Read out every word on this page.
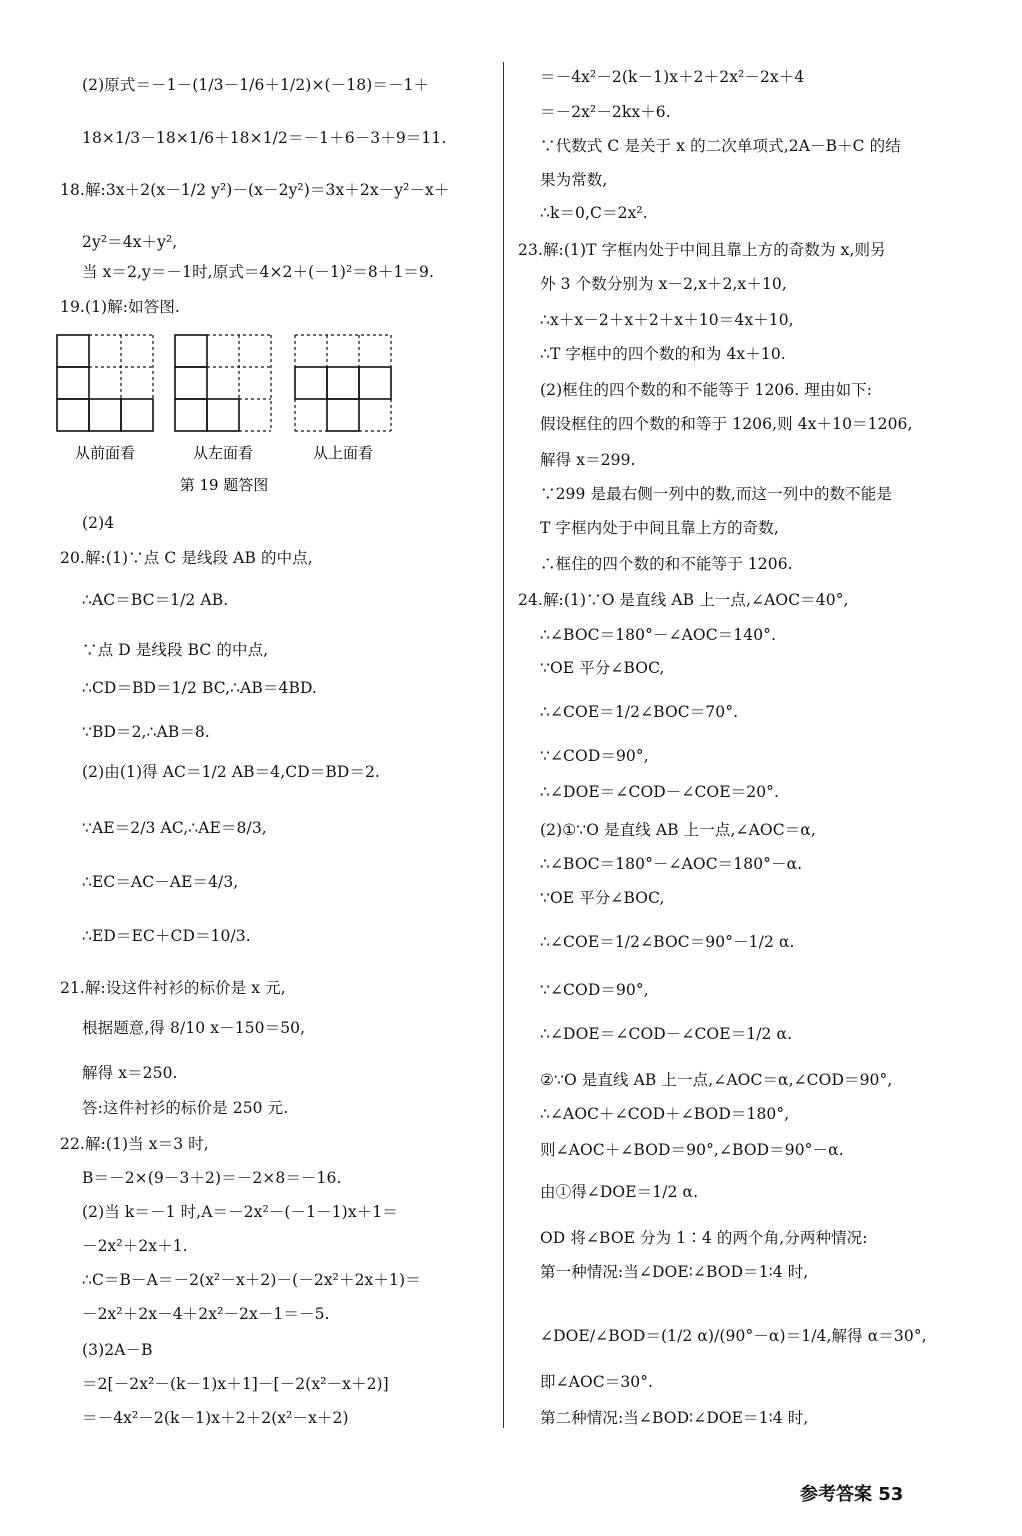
(2)原式＝－1－(1/3－1/6＋1/2)×(－18)＝－1＋
18×1/3－18×1/6＋18×1/2＝－1＋6－3＋9＝11.
18.解:3x＋2(x－1/2 y²)－(x－2y²)＝3x＋2x－y²－x＋
2y²＝4x＋y²,
当 x＝2,y＝－1时,原式＝4×2＋(－1)²＝8＋1＝9.
19.(1)解:如答图.
(2)4
20.解:(1)∵点 C 是线段 AB 的中点,
∴AC＝BC＝1/2 AB.
∵点 D 是线段 BC 的中点,
∴CD＝BD＝1/2 BC,∴AB＝4BD.
∵BD＝2,∴AB＝8.
(2)由(1)得 AC＝1/2 AB＝4,CD＝BD＝2.
∵AE＝2/3 AC,∴AE＝8/3,
∴EC＝AC－AE＝4/3,
∴ED＝EC＋CD＝10/3.
21.解:设这件衬衫的标价是 x 元,
根据题意,得 8/10 x－150＝50,
解得 x＝250.
答:这件衬衫的标价是 250 元.
22.解:(1)当 x＝3 时,
B＝－2×(9－3＋2)＝－2×8＝－16.
(2)当 k＝－1 时,A＝－2x²－(－1－1)x＋1＝
－2x²＋2x＋1.
∴C＝B－A＝－2(x²－x＋2)－(－2x²＋2x＋1)＝
－2x²＋2x－4＋2x²－2x－1＝－5.
(3)2A－B
＝2[－2x²－(k－1)x＋1]－[－2(x²－x＋2)]
＝－4x²－2(k－1)x＋2＋2(x²－x＋2)
从前面看	从左面看	从上面看
第 19 题答图
＝－4x²－2(k－1)x＋2＋2x²－2x＋4
＝－2x²－2kx＋6.
∵代数式 C 是关于 x 的二次单项式,2A－B＋C 的结
果为常数,
∴k＝0,C＝2x².
23.解:(1)T 字框内处于中间且靠上方的奇数为 x,则另
外 3 个数分别为 x－2,x＋2,x＋10,
∴x＋x－2＋x＋2＋x＋10＝4x＋10,
∴T 字框中的四个数的和为 4x＋10.
(2)框住的四个数的和不能等于 1206. 理由如下:
假设框住的四个数的和等于 1206,则 4x＋10＝1206,
解得 x＝299.
∵299 是最右侧一列中的数,而这一列中的数不能是
T 字框内处于中间且靠上方的奇数,
∴框住的四个数的和不能等于 1206.
24.解:(1)∵O 是直线 AB 上一点,∠AOC＝40°,
∴∠BOC＝180°－∠AOC＝140°.
∵OE 平分∠BOC,
∴∠COE＝1/2∠BOC＝70°.
∵∠COD＝90°,
∴∠DOE＝∠COD－∠COE＝20°.
(2)①∵O 是直线 AB 上一点,∠AOC＝α,
∴∠BOC＝180°－∠AOC＝180°－α.
∵OE 平分∠BOC,
∴∠COE＝1/2∠BOC＝90°－1/2 α.
∵∠COD＝90°,
∴∠DOE＝∠COD－∠COE＝1/2 α.
②∵O 是直线 AB 上一点,∠AOC＝α,∠COD＝90°,
∴∠AOC＋∠COD＋∠BOD＝180°,
则∠AOC＋∠BOD＝90°,∠BOD＝90°－α.
由①得∠DOE＝1/2 α.
OD 将∠BOE 分为 1∶4 的两个角,分两种情况:
第一种情况:当∠DOE∶∠BOD＝1∶4 时,
∠DOE/∠BOD＝(1/2 α)/(90°－α)＝1/4,解得 α＝30°,
即∠AOC＝30°.
第二种情况:当∠BOD∶∠DOE＝1∶4 时,
参考答案 53
